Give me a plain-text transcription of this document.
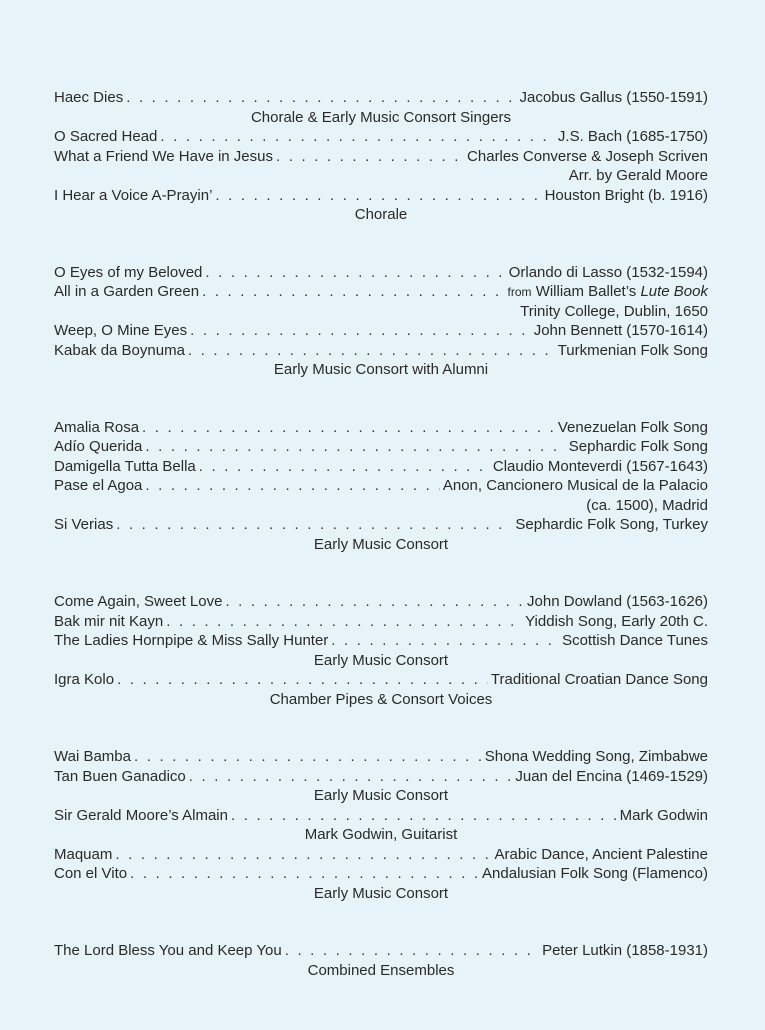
Haec Dies . . .	Jacobus Gallus (1550-1591)
Chorale & Early Music Consort Singers
O Sacred Head . . .	J.S. Bach (1685-1750)
What a Friend We Have in Jesus . . .	Charles Converse & Joseph Scriven
Arr. by Gerald Moore
I Hear a Voice A-Prayin’ . . .	Houston Bright (b. 1916)
Chorale
O Eyes of my Beloved . . .	Orlando di Lasso (1532-1594)
All in a Garden Green . . .	from William Ballet’s Lute Book
Trinity College, Dublin, 1650
Weep, O Mine Eyes . . .	John Bennett (1570-1614)
Kabak da Boynuma . . .	Turkmenian Folk Song
Early Music Consort with Alumni
Amalia Rosa . . .	Venezuelan Folk Song
Adío Querida . . .	Sephardic Folk Song
Damigella Tutta Bella . . .	Claudio Monteverdi (1567-1643)
Pase el Agoa . . .	Anon, Cancionero Musical de la Palacio
(ca. 1500), Madrid
Si Verias . . .	Sephardic Folk Song, Turkey
Early Music Consort
Come Again, Sweet Love . . .	John Dowland (1563-1626)
Bak mir nit Kayn . . .	Yiddish Song, Early 20th C.
The Ladies Hornpipe & Miss Sally Hunter . . .	Scottish Dance Tunes
Early Music Consort
Igra Kolo . . .	Traditional Croatian Dance Song
Chamber Pipes & Consort Voices
Wai Bamba . . .	Shona Wedding Song, Zimbabwe
Tan Buen Ganadico . . .	Juan del Encina (1469-1529)
Early Music Consort
Sir Gerald Moore’s Almain . . .	Mark Godwin
Mark Godwin, Guitarist
Maquam . . .	Arabic Dance, Ancient Palestine
Con el Vito . . .	Andalusian Folk Song (Flamenco)
Early Music Consort
The Lord Bless You and Keep You . . .	Peter Lutkin (1858-1931)
Combined Ensembles
